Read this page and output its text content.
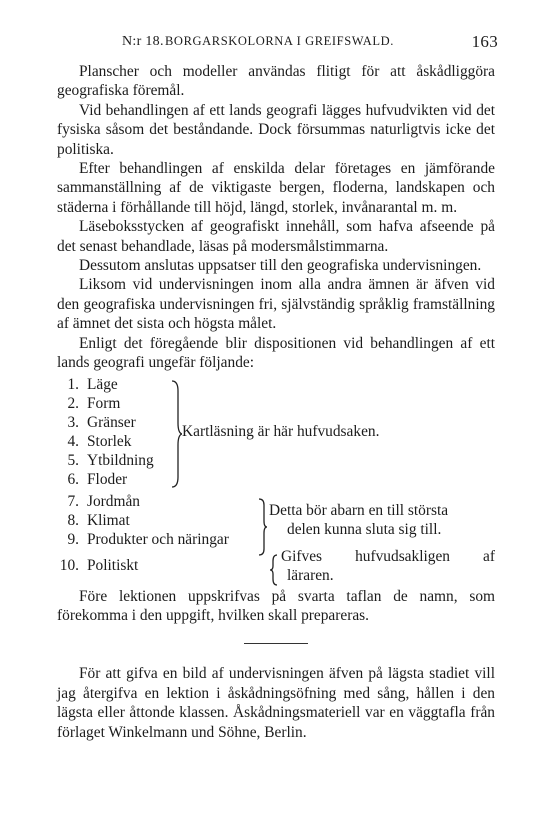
N:r 18. BORGARSKOLORNA I GREIFSWALD.	163
Planscher och modeller användas flitigt för att åskådliggöra geografiska föremål.
Vid behandlingen af ett lands geografi lägges hufvudvikten vid det fysiska såsom det beståndande. Dock försummas naturligtvis icke det politiska.
Efter behandlingen af enskilda delar företages en jämförande sammanställning af de viktigaste bergen, floderna, landskapen och städerna i förhållande till höjd, längd, storlek, invånarantal m. m.
Läseboksstycken af geografiskt innehåll, som hafva afseende på det senast behandlade, läsas på modersmålstimmarna.
Dessutom anslutas uppsatser till den geografiska undervisningen.
Liksom vid undervisningen inom alla andra ämnen är äfven vid den geografiska undervisningen fri, självständig språklig framställning af ämnet det sista och högsta målet.
Enligt det föregående blir dispositionen vid behandlingen af ett lands geografi ungefär följande:
1. Läge
2. Form
3. Gränser
4. Storlek
5. Ytbildning
6. Floder
7. Jordmån
8. Klimat
9. Produkter och näringar
10. Politiskt
Kartläsning är här hufvudsaken.
Detta bör abarn en till största
delen kunna sluta sig till.
Gifves hufvudsakligen af
läraren.
Före lektionen uppskrifvas på svarta taflan de namn, som förekomma i den uppgift, hvilken skall prepareras.
För att gifva en bild af undervisningen äfven på lägsta stadiet vill jag återgifva en lektion i åskådningsöfning med sång, hållen i den lägsta eller åttonde klassen. Åskådningsmateriell var en väggtafla från förlaget Winkelmann und Söhne, Berlin.
